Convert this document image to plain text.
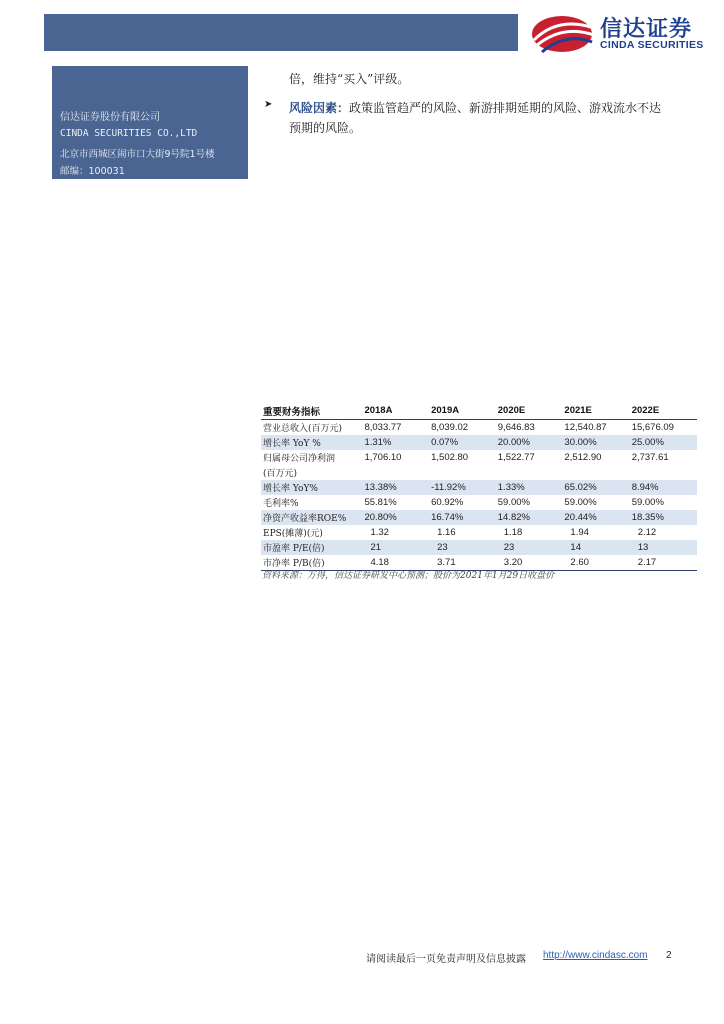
信达证券
CINDA SECURITIES
信达证券股份有限公司
CINDA SECURITIES CO.,LTD
北京市西城区闹市口大街9号院1号楼
邮编：100031
倍，维持“买入”评级。
➤ 风险因素：政策监管趋严的风险、新游排期延期的风险、游戏流水不达
预期的风险。
重要财务指标	2018A	2019A	2020E	2021E	2022E
营业总收入(百万元)	8,033.77	8,039.02	9,646.83	12,540.87	15,676.09
增长率 YoY %	1.31%	0.07%	20.00%	30.00%	25.00%
归属母公司净利润	1,706.10	1,502.80	1,522.77	2,512.90	2,737.61
(百万元)					
增长率 YoY%	13.38%	-11.92%	1.33%	65.02%	8.94%
毛利率%	55.81%	60.92%	59.00%	59.00%	59.00%
净资产收益率ROE%	20.80%	16.74%	14.82%	20.44%	18.35%
EPS(摊薄)(元)	1.32	1.16	1.18	1.94	2.12
市盈率 P/E(倍)	21	23	23	14	13
市净率 P/B(倍)	4.18	3.71	3.20	2.60	2.17
资料来源：万得，信达证券研发中心预测；股价为2021年1月29日收盘价
请阅读最后一页免责声明及信息披露 http://www.cindasc.com 2
